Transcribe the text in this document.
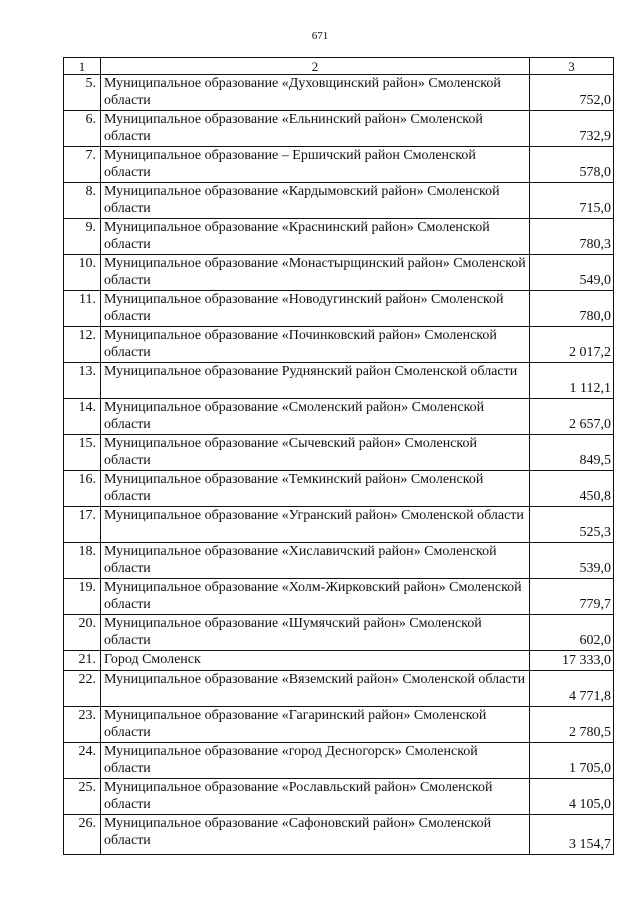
671
1	2	3
5.	Муниципальное образование «Духовщинский район» Смоленской области	752,0
6.	Муниципальное образование «Ельнинский район» Смоленской области	732,9
7.	Муниципальное образование – Ершичский район Смоленской области	578,0
8.	Муниципальное образование «Кардымовский район» Смоленской области	715,0
9.	Муниципальное образование «Краснинский район» Смоленской области	780,3
10.	Муниципальное образование «Монастырщинский район» Смоленской области	549,0
11.	Муниципальное образование «Новодугинский район» Смоленской области	780,0
12.	Муниципальное образование «Починковский район» Смоленской области	2 017,2
13.	Муниципальное образование Руднянский район Смоленской области	1 112,1
14.	Муниципальное образование «Смоленский район» Смоленской области	2 657,0
15.	Муниципальное образование «Сычевский район» Смоленской области	849,5
16.	Муниципальное образование «Темкинский район» Смоленской области	450,8
17.	Муниципальное образование «Угранский район» Смоленской области	525,3
18.	Муниципальное образование «Хиславичский район» Смоленской области	539,0
19.	Муниципальное образование «Холм-Жирковский район» Смоленской области	779,7
20.	Муниципальное образование «Шумячский район» Смоленской области	602,0
21.	Город Смоленск	17 333,0
22.	Муниципальное образование «Вяземский район» Смоленской области	4 771,8
23.	Муниципальное образование «Гагаринский район» Смоленской области	2 780,5
24.	Муниципальное образование «город Десногорск» Смоленской области	1 705,0
25.	Муниципальное образование «Рославльский район» Смоленской области	4 105,0
26.	Муниципальное образование «Сафоновский район» Смоленской области	3 154,7
